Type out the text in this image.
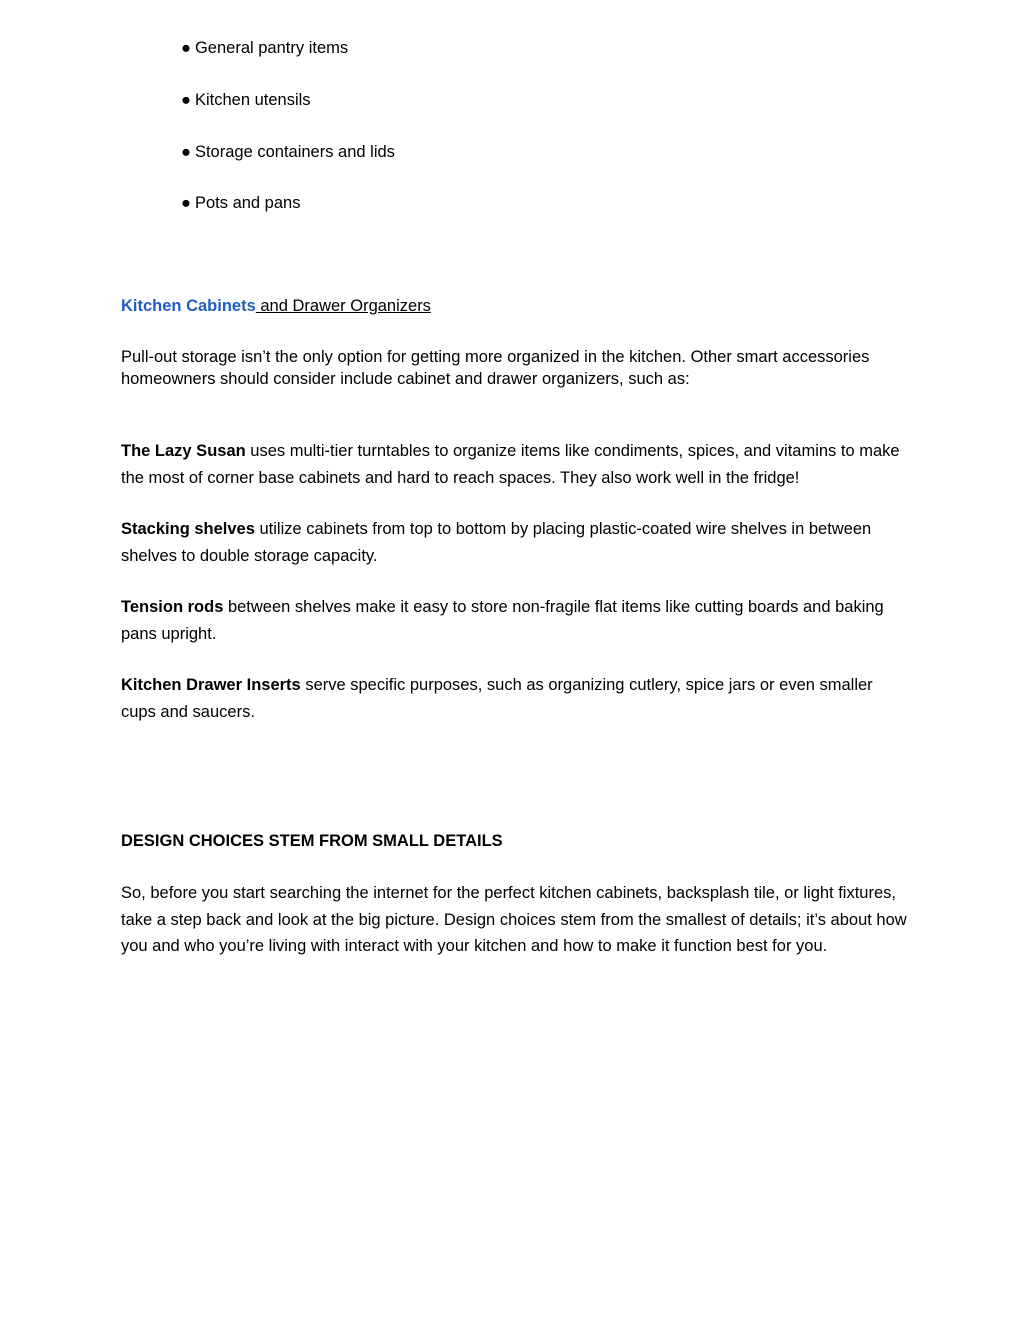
● General pantry items
● Kitchen utensils
● Storage containers and lids
● Pots and pans
Kitchen Cabinets and Drawer Organizers

Pull-out storage isn’t the only option for getting more organized in the kitchen. Other smart accessories homeowners should consider include cabinet and drawer organizers, such as:

The Lazy Susan uses multi-tier turntables to organize items like condiments, spices, and vitamins to make the most of corner base cabinets and hard to reach spaces. They also work well in the fridge!

Stacking shelves utilize cabinets from top to bottom by placing plastic-coated wire shelves in between shelves to double storage capacity.

Tension rods between shelves make it easy to store non-fragile flat items like cutting boards and baking pans upright.

Kitchen Drawer Inserts serve specific purposes, such as organizing cutlery, spice jars or even smaller cups and saucers.

DESIGN CHOICES STEM FROM SMALL DETAILS

So, before you start searching the internet for the perfect kitchen cabinets, backsplash tile, or light fixtures, take a step back and look at the big picture. Design choices stem from the smallest of details; it’s about how you and who you’re living with interact with your kitchen and how to make it function best for you.
